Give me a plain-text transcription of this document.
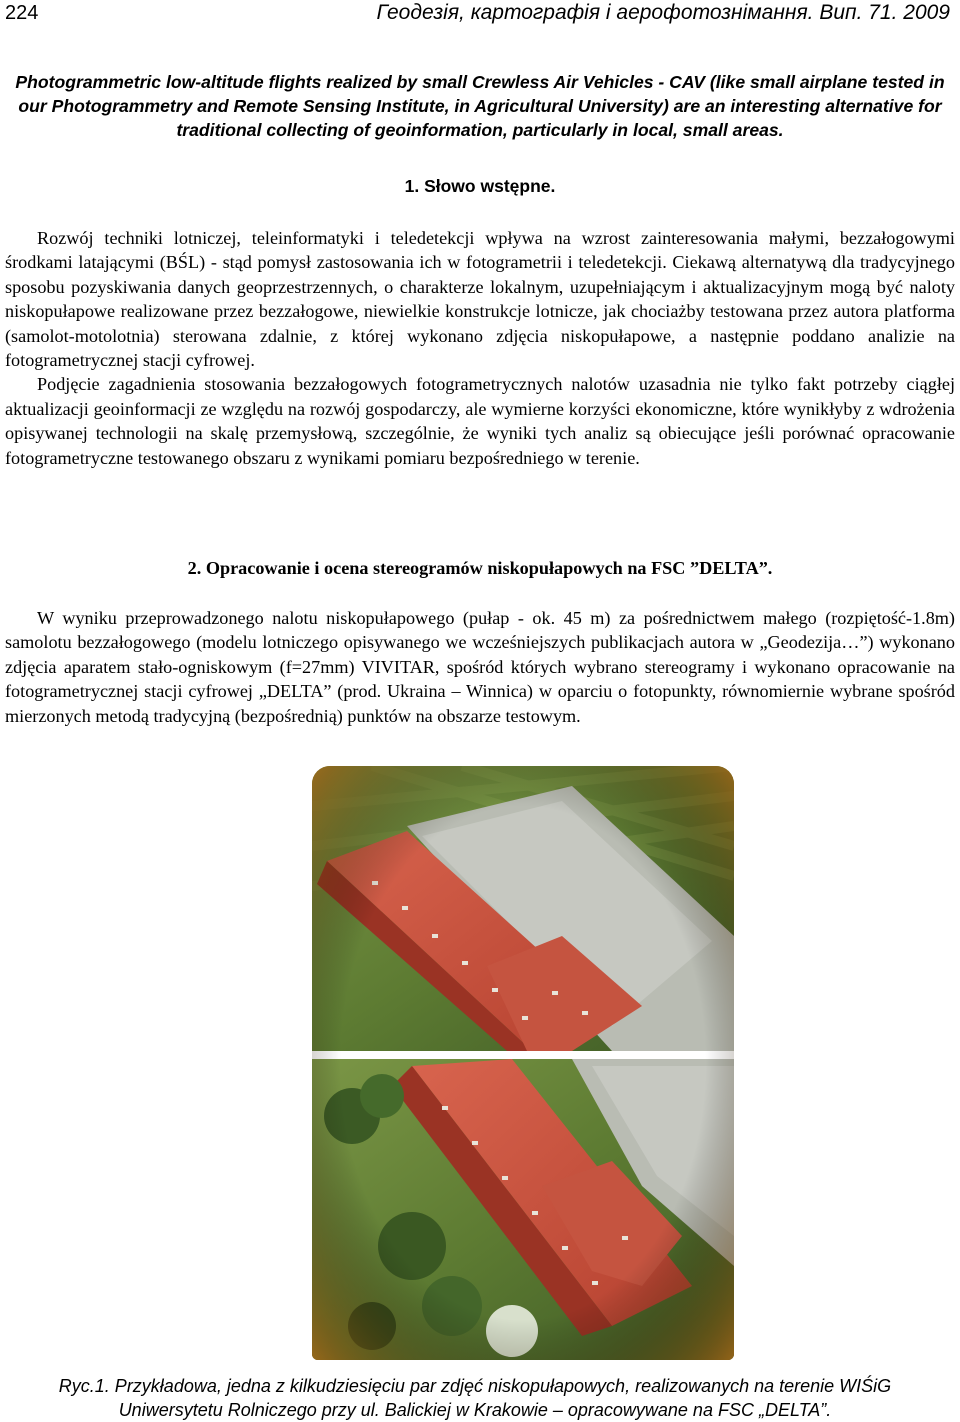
224	Геодезія, картографія і аерофотознімання. Вип. 71. 2009
Photogrammetric low-altitude flights realized by small Crewless Air Vehicles - CAV (like small airplane tested in our Photogrammetry and Remote Sensing Institute, in Agricultural University) are an interesting alternative for traditional collecting of geoinformation, particularly in local, small areas.
1. Słowo wstępne.

Rozwój techniki lotniczej, teleinformatyki i teledetekcji wpływa na wzrost zainteresowania małymi, bezzałogowymi środkami latającymi (BŚL) - stąd pomysł zastosowania ich w fotogrametrii i teledetekcji. Ciekawą alternatywą dla tradycyjnego sposobu pozyskiwania danych geoprzestrzennych, o charakterze lokalnym, uzupełniającym i aktualizacyjnym mogą być naloty niskopułapowe realizowane przez bezzałogowe, niewielkie konstrukcje lotnicze, jak chociażby testowana przez autora platforma (samolot-motolotnia) sterowana zdalnie, z której wykonano zdjęcia niskopułapowe, a następnie poddano analizie na fotogrametrycznej stacji cyfrowej.

Podjęcie zagadnienia stosowania bezzałogowych fotogrametrycznych nalotów uzasadnia nie tylko fakt potrzeby ciągłej aktualizacji geoinformacji ze względu na rozwój gospodarczy, ale wymierne korzyści ekonomiczne, które wynikłyby z wdrożenia opisywanej technologii na skalę przemysłową, szczególnie, że wyniki tych analiz są obiecujące jeśli porównać opracowanie fotogrametryczne testowanego obszaru z wynikami pomiaru bezpośredniego w terenie.

2. Opracowanie i ocena stereogramów niskopułapowych na FSC ”DELTA”.

W wyniku przeprowadzonego nalotu niskopułapowego (pułap - ok. 45 m) za pośrednictwem małego (rozpiętość-1.8m) samolotu bezzałogowego (modelu lotniczego opisywanego we wcześniejszych publikacjach autora w „Geodezija…”) wykonano zdjęcia aparatem stało-ogniskowym (f=27mm) VIVITAR, spośród których wybrano stereogramy i wykonano opracowanie na fotogrametrycznej stacji cyfrowej „DELTA” (prod. Ukraina – Winnica) w oparciu o fotopunkty, równomiernie wybrane spośród mierzonych metodą tradycyjną (bezpośrednią) punktów na obszarze testowym.

Ryc.1. Przykładowa, jedna z kilkudziesięciu par zdjęć niskopułapowych, realizowanych na terenie WIŚiG
Uniwersytetu Rolniczego przy ul. Balickiej w Krakowie – opracowywane na FSC „DELTA”.
